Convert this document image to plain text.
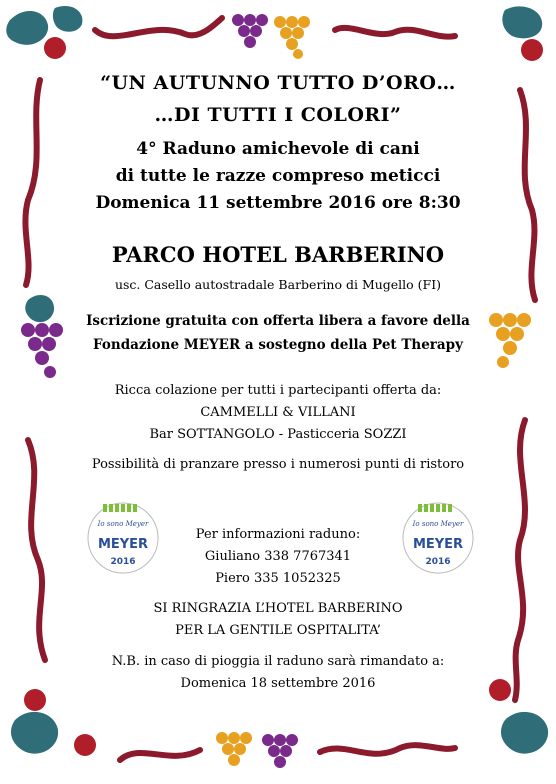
“UN AUTUNNO TUTTO D’ORO…
…DI TUTTI I COLORI”
4° Raduno amichevole di cani
di tutte le razze compreso meticci
Domenica 11 settembre 2016 ore 8:30
PARCO HOTEL BARBERINO
usc. Casello autostradale Barberino di Mugello (FI)
Iscrizione gratuita con offerta libera a favore della
Fondazione MEYER a sostegno della Pet Therapy
Ricca colazione per tutti i partecipanti offerta da:
CAMMELLI & VILLANI
Bar SOTTANGOLO - Pasticceria SOZZI
Possibilità di pranzare presso i numerosi punti di ristoro
Io sono Meyer
MEYER
2016
Io sono Meyer
MEYER
2016
Per informazioni raduno:
Giuliano 338 7767341
Piero 335 1052325
SI RINGRAZIA L’HOTEL BARBERINO
PER LA GENTILE OSPITALITA’
N.B. in caso di pioggia il raduno sarà rimandato a:
Domenica 18 settembre 2016
